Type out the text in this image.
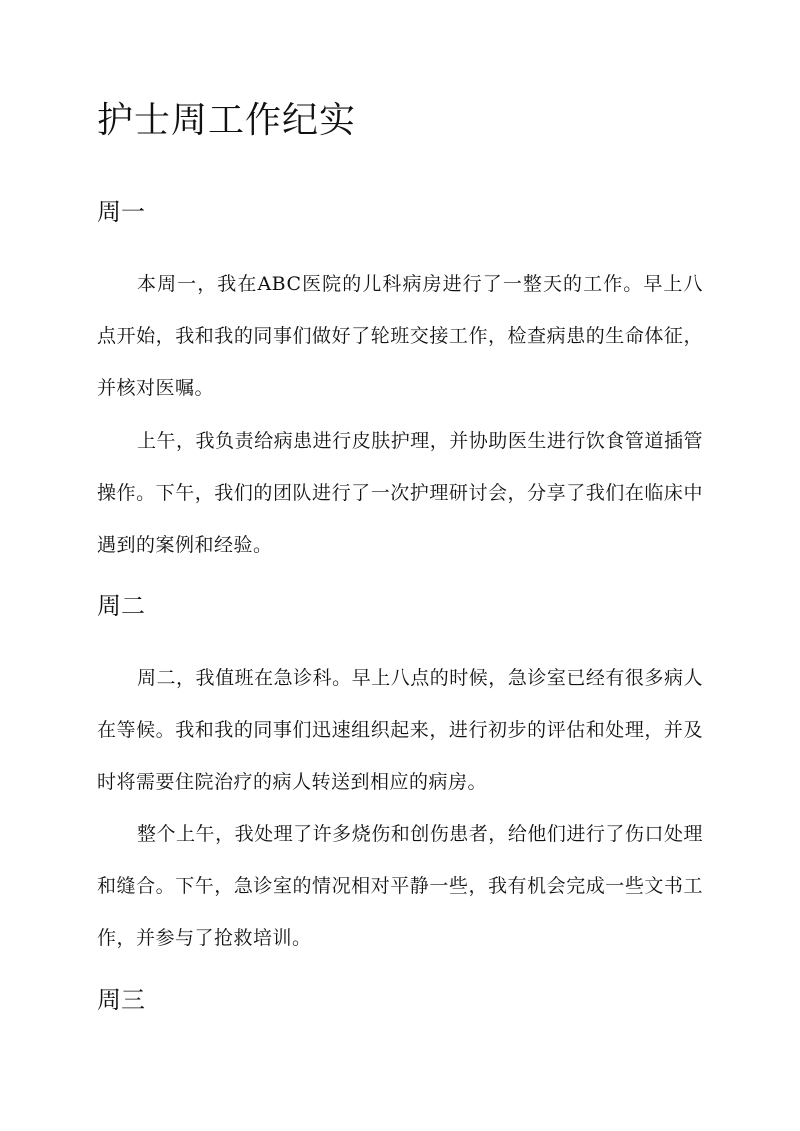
护士周工作纪实
周一

本周一，我在ABC医院的儿科病房进行了一整天的工作。早上八点开始，我和我的同事们做好了轮班交接工作，检查病患的生命体征，并核对医嘱。

上午，我负责给病患进行皮肤护理，并协助医生进行饮食管道插管操作。下午，我们的团队进行了一次护理研讨会，分享了我们在临床中遇到的案例和经验。

周二

周二，我值班在急诊科。早上八点的时候，急诊室已经有很多病人在等候。我和我的同事们迅速组织起来，进行初步的评估和处理，并及时将需要住院治疗的病人转送到相应的病房。

整个上午，我处理了许多烧伤和创伤患者，给他们进行了伤口处理和缝合。下午，急诊室的情况相对平静一些，我有机会完成一些文书工作，并参与了抢救培训。

周三
